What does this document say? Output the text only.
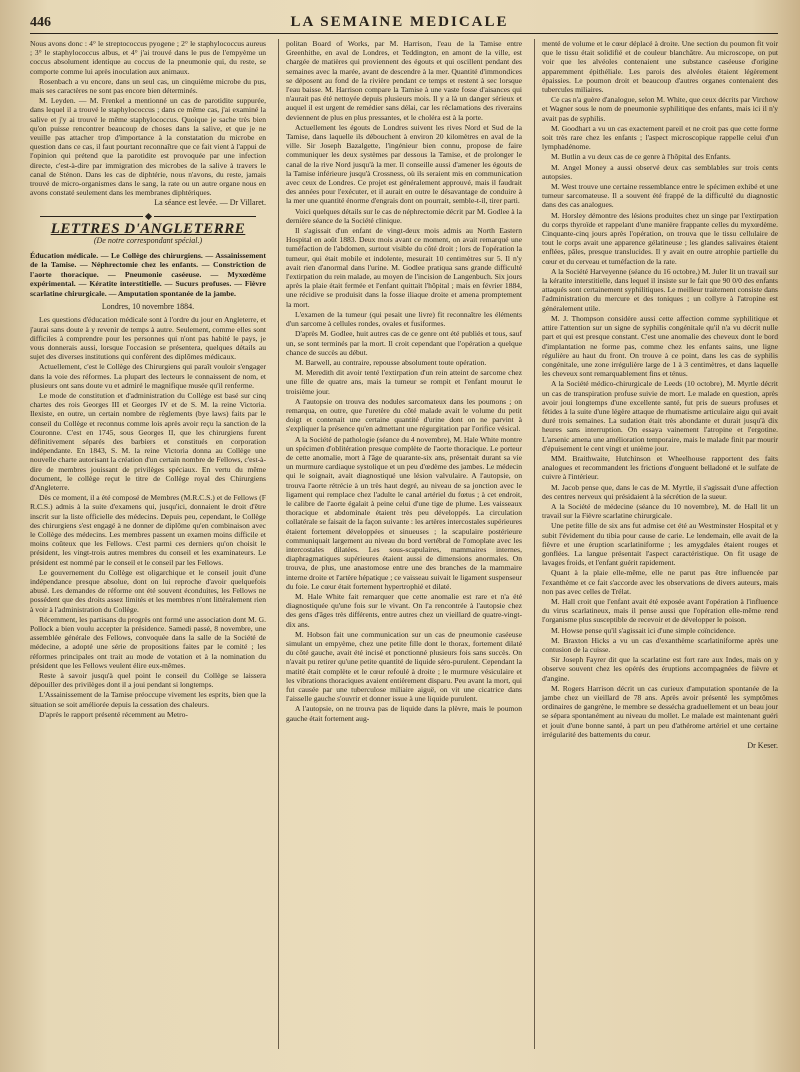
446	LA SEMAINE MEDICALE

Nous avons donc : 4° le streptococcus pyogene ; 2° le staphylococcus aureus ; 3° le staphylococcus albus, et 4° j'ai trouvé dans le pus de l'empyème un coccus absolument identique au coccus de la pneumonie qui, du reste, se comporte comme lui après inoculation aux animaux.

Rosenbach a vu encore, dans un seul cas, un cinquième microbe du pus, mais ses caractères ne sont pas encore bien déterminés.

M. Leyden. — M. Frenkel a mentionné un cas de parotidite suppurée, dans lequel il a trouvé le staphylococcus ; dans ce même cas, j'ai examiné la salive et j'y ai trouvé le même staphylococcus. Quoique je sache très bien qu'on puisse rencontrer beaucoup de choses dans la salive, et que je ne veuille pas attacher trop d'importance à la constatation du microbe en question dans ce cas, il faut pourtant reconnaître que ce fait vient à l'appui de l'opinion qui prétend que la parotidite est provoquée par une infection directe, c'est-à-dire par immigration des microbes de la salive à travers le canal de Sténon. Dans les cas de diphtérie, nous n'avons, du reste, jamais trouvé de micro-organismes dans le sang, la rate ou un autre organe nous en avons constaté seulement dans les membranes diphtériques.

La séance est levée. — Dr Villaret.

LETTRES D'ANGLETERRE
(De notre correspondant spécial.)

Éducation médicale. — Le Collège des chirurgiens. — Assainissement de la Tamise. — Néphrectomie chez les enfants. — Constriction de l'aorte thoracique. — Pneumonie caséeuse. — Myxœdème expérimental. — Kératite interstitielle. — Sucurs profuses. — Fièvre scarlatine chirurgicale. — Amputation spontanée de la jambe.

Londres, 10 novembre 1884.

Les questions d'éducation médicale sont à l'ordre du jour en Angleterre, et j'aurai sans doute à y revenir de temps à autre. Seulement, comme elles sont difficiles à comprendre pour les personnes qui n'ont pas habité le pays, je vous donnerais aussi, lorsque l'occasion se présentera, quelques détails au sujet des diverses institutions qui confèrent des diplômes médicaux.

Actuellement, c'est le Collège des Chirurgiens qui paraît vouloir s'engager dans la voie des réformes. La plupart des lecteurs le connaissent de nom, et plusieurs ont sans doute vu et admiré le magnifique musée qu'il renferme.

Le mode de constitution et d'administration du Collège est basé sur cinq chartes des rois Georges III et Georges IV et de S. M. la reine Victoria. Ilexiste, en outre, un certain nombre de règlements (bye laws) faits par le conseil du Collège et reconnus comme lois après avoir reçu la sanction de la Couronne. C'est en 1745, sous Georges II, que les chirurgiens furent définitivement séparés des barbiers et constitués en corporation indépendante. En 1843, S. M. la reine Victoria donna au Collège une nouvelle charte autorisant la création d'un certain nombre de Fellows, c'est-à-dire de membres jouissant de privilèges spéciaux. En vertu du même document, le collège reçut le titre de Collège royal des Chirurgiens d'Angleterre.

Dès ce moment, il a été composé de Membres (M.R.C.S.) et de Fellows (F R.C.S.) admis à la suite d'examens qui, jusqu'ici, donnaient le droit d'être inscrit sur la liste officielle des médecins. Depuis peu, cependant, le Collège des chirurgiens s'est engagé à ne donner de diplôme qu'en combinaison avec le Collège des médecins. Les membres passent un examen moins difficile et moins coûteux que les Fellows. C'est parmi ces derniers qu'on choisit le président, les vingt-trois autres membres du conseil et les examinateurs. Le président est nommé par le conseil et le conseil par les Fellows.

Le gouvernement du Collège est oligarchique et le conseil jouit d'une indépendance presque absolue, dont on lui reproche d'avoir quelquefois abusé. Les demandes de réforme ont été souvent éconduites, les Fellows ne possédent que des droits assez limités et les membres n'ont littéralement rien à voir à l'administration du Collège.

Récemment, les partisans du progrès ont formé une association dont M. G. Pollock a bien voulu accepter la présidence. Samedi passé, 8 novembre, une assemblée générale des Fellows, convoquée dans la salle de la Société de médecine, a adopté une série de propositions faites par le comité ; les réformes principales ont trait au mode de votation et à la nomination du président que les Fellows veulent élire eux-mêmes.

Reste à savoir jusqu'à quel point le conseil du Collège se laissera dépouiller des privilèges dont il a joui pendant si longtemps.

L'Assainissement de la Tamise préoccupe vivement les esprits, bien que la situation se soit améliorée depuis la cessation des chaleurs.

D'après le rapport présenté récemment au Metro-

politan Board of Works, par M. Harrison, l'eau de la Tamise entre Greenhithe, en aval de Londres, et Teddington, en amont de la ville, est chargée de matières qui proviennent des égouts et qui oscillent pendant des semaines avec la marée, avant de descendre à la mer. Quantité d'immondices se déposent au fond de la rivière pendant ce temps et restent à sec lorsque l'eau baisse. M. Harrison compare la Tamise à une vaste fosse d'aisances qui n'aurait pas été nettoyée depuis plusieurs mois. Il y a là un danger sérieux et auquel il est urgent de remédier sans délai, car les réclamations des riverains deviennent de plus en plus pressantes, et le choléra est à la porte.

Actuellement les égouts de Londres suivent les rives Nord et Sud de la Tamise, dans laquelle ils débouchent à environ 20 kilomètres en aval de la ville. Sir Joseph Bazalgette, l'ingénieur bien connu, propose de faire communiquer les deux systèmes par dessous la Tamise, et de prolonger le canal de la rive Nord jusqu'à la mer. Il conseille aussi d'amener les égouts de la Tamise inférieure jusqu'à Crossness, où ils seraient mis en communication avec ceux de Londres. Ce projet est généralement approuvé, mais il faudrait des années pour l'exécuter, et il aurait en outre le désavantage de conduire à la mer une quantité énorme d'engrais dont on pourrait, semble-t-il, tirer parti.

Voici quelques détails sur le cas de néphrectomie décrit par M. Godlee à la dernière séance de la Société clinique.

Il s'agissait d'un enfant de vingt-deux mois admis au North Eastern Hospital en août 1883. Deux mois avant ce moment, on avait remarqué une tuméfaction de l'abdomen, surtout visible du côté droit ; lors de l'opération la tumeur, qui était mobile et indolente, mesurait 10 centimètres sur 5. Il n'y avait rien d'anormal dans l'urine. M. Godlee pratiqua sans grande difficulté l'extirpation du rein malade, au moyen de l'incision de Langenbuch. Six jours après la plaie était fermée et l'enfant quittait l'hôpital ; mais en février 1884, une récidive se produisit dans la fosse iliaque droite et amena promptement la mort.

L'examen de la tumeur (qui pesait une livre) fit reconnaître les éléments d'un sarcome à cellules rondes, ovales et fusiformes.

D'après M. Godlee, huit autres cas de ce genre ont été publiés et tous, sauf un, se sont terminés par la mort. Il croit cependant que l'opération a quelque chance de succès au début.

M. Barwell, au contraire, repousse absolument toute opération.

M. Meredith dit avoir tenté l'extirpation d'un rein atteint de sarcome chez une fille de quatre ans, mais la tumeur se rompit et l'enfant mourut le troisième jour.

A l'autopsie on trouva des nodules sarcomateux dans les poumons ; on remarqua, en outre, que l'uretère du côté malade avait le volume du petit doigt et contenait une certaine quantité d'urine dont on ne parvint à s'expliquer la présence qu'en admettant une régurgitation par l'orifice vésical.

A la Société de pathologie (séance du 4 novembre), M. Hale White montre un spécimen d'oblitération presque complète de l'aorte thoracique. Le porteur de cette anomalie, mort à l'âge de quarante-six ans, présentait durant sa vie un murmure cardiaque systolique et un peu d'œdème des jambes. Le médecin qui le soignait, avait diagnostiqué une lésion valvulaire. A l'autopsie, on trouva l'aorte rétrécie à un très haut degré, au niveau de sa jonction avec le ligament qui remplace chez l'adulte le canal artériel du fœtus ; à cet endroit, le calibre de l'aorte égalait à peine celui d'une tige de plume. Les vaisseaux thoracique et abdominale étaient très peu développés. La circulation collatérale se faisait de la façon suivante : les artères intercostales supérieures étaient fortement développées et sinueuses ; la scapulaire postérieure communiquait largement au niveau du bord vertébral de l'omoplate avec les intercostales dilatées. Les sous-scapulaires, mammaires internes, diaphragmatiques supérieures étaient aussi de dimensions anormales. On trouva, de plus, une anastomose entre une des branches de la mammaire interne droite et l'artère hépatique ; ce vaisseau suivait le ligament suspenseur du foie. Le cœur était fortement hypertrophié et dilaté.

M. Hale White fait remarquer que cette anomalie est rare et n'a été diagnostiquée qu'une fois sur le vivant. On l'a rencontrée à l'autopsie chez des gens d'âges très différents, entre autres chez un vieillard de quatre-vingt-dix ans.

M. Hobson fait une communication sur un cas de pneumonie caséeuse simulant un empyème, chez une petite fille dont le thorax, fortement dilaté du côté gauche, avait été incisé et ponctionné plusieurs fois sans succès. On n'avait pu retirer qu'une petite quantité de liquide séro-purulent. Cependant la matité était complète et le cœur refoulé à droite ; le murmure vésiculaire et les vibrations thoraciques avaient entièrement disparu. Peu avant la mort, qui fut causée par une tuberculose miliaire aiguë, on vit une cicatrice dans l'aisselle gauche s'ouvrir et donner issue à une liquide purulent.

A l'autopsie, on ne trouva pas de liquide dans la plèvre, mais le poumon gauche était fortement aug-

menté de volume et le cœur déplacé à droite. Une section du poumon fit voir que le tissu était solidifié et de couleur blanchâtre. Au microscope, on put voir que les alvéoles contenaient une substance caséeuse d'origine apparemment épithéliale. Les parois des alvéoles étaient légèrement épaissies. Le poumon droit et beaucoup d'autres organes contenaient des tubercules miliaires.

Ce cas n'a guère d'analogue, selon M. White, que ceux décrits par Virchow et Wagner sous le nom de pneumonie syphilitique des enfants, mais ici il n'y avait pas de syphilis.

M. Goodhart a vu un cas exactement pareil et ne croit pas que cette forme soit très rare chez les enfants ; l'aspect microscopique rappelle celui d'un lymphadénome.

M. Butlin a vu deux cas de ce genre à l'hôpital des Enfants.

M. Angel Money a aussi observé deux cas semblables sur trois cents autopsies.

M. West trouve une certaine ressemblance entre le spécimen exhibé et une tumeur sarcomateuse. Il a souvent été frappé de la difficulté du diagnostic dans des cas analogues.

M. Horsley démontre des lésions produites chez un singe par l'extirpation du corps thyroïde et rappelant d'une manière frappante celles du myxœdème. Cinquante-cinq jours après l'opération, on trouva que le tissu cellulaire de tout le corps avait une apparence gélatineuse ; les glandes salivaires étaient enflées, pâles, presque translucides. Il y avait en outre atrophie partielle du cœur et du cerveau et tuméfaction de la rate.

A la Société Harveyenne (séance du 16 octobre,) M. Juler lit un travail sur la kératite interstitielle, dans lequel il insiste sur le fait que 90 0/0 des enfants attaqués sont certainement syphilitiques. Le meilleur traitement consiste dans l'administration du mercure et des toniques ; un collyre à l'atropine est généralement utile.

M. J. Thompson considère aussi cette affection comme syphilitique et attire l'attention sur un signe de syphilis congénitale qu'il n'a vu décrit nulle part et qui est presque constant. C'est une anomalie des cheveux dont le bord d'implantation ne forme pas, comme chez les enfants sains, une ligne régulière au haut du front. On trouve à ce point, dans les cas de syphilis congénitale, une zone irrégulière large de 1 à 3 centimètres, et dans laquelle les cheveux sont remarquablement fins et ténus.

A la Société médico-chirurgicale de Leeds (10 octobre), M. Myrtle décrit un cas de transpiration profuse suivie de mort. Le malade en question, après avoir joui longtemps d'une excellente santé, fut pris de sueurs profuses et fétides à la suite d'une légère attaque de rhumatisme articulaire aigu qui avait duré trois semaines. La sudation était très abondante et durait jusqu'à dix heures sans interruption. On essaya vainement l'atropine et l'ergotine. L'arsenic amena une amélioration temporaire, mais le malade finit par mourir d'épuisement le cent vingt et unième jour.

MM. Braithwaite, Hutchinson et Wheelhouse rapportent des faits analogues et recommandent les frictions d'onguent belladoné et le sulfate de cuivre à l'intérieur.

M. Jacob pense que, dans le cas de M. Myrtle, il s'agissait d'une affection des centres nerveux qui présidaient à la sécrétion de la sueur.

A la Société de médecine (séance du 10 novembre), M. de Hall lit un travail sur la Fièvre scarlatine chirurgicale.

Une petite fille de six ans fut admise cet été au Westminster Hospital et y subit l'évidement du tibia pour cause de carie. Le lendemain, elle avait de la fièvre et une éruption scarlatiniforme ; les amygdales étaient rouges et gonflées. La langue présentait l'aspect caractéristique. On fit usage de lavages froids, et l'enfant guérit rapidement.

Quant à la plaie elle-même, elle ne parut pas être influencée par l'exanthème et ce fait s'accorde avec les observations de divers auteurs, mais non pas avec celles de Trélat.

M. Hall croit que l'enfant avait été exposée avant l'opération à l'influence du virus scarlatineux, mais il pense aussi que l'opération elle-même rend l'organisme plus susceptible de recevoir et de développer le poison.

M. Howse pense qu'il s'agissait ici d'une simple coïncidence.

M. Braxton Hicks a vu un cas d'exanthème scarlatiniforme après une contusion de la cuisse.

Sir Joseph Fayrer dit que la scarlatine est fort rare aux Indes, mais on y observe souvent chez les opérés des éruptions accompagnées de fièvre et d'angine.

M. Rogers Harrison décrit un cas curieux d'amputation spontanée de la jambe chez un vieillard de 78 ans. Après avoir présenté les symptômes ordinaires de gangrène, le membre se dessécha graduellement et un beau jour se sépara spontanément au niveau du mollet. Le malade est maintenant guéri et jouit d'une bonne santé, à part un peu d'athérome artériel et une certaine irrégularité des battements du cœur.

Dr Keser.
